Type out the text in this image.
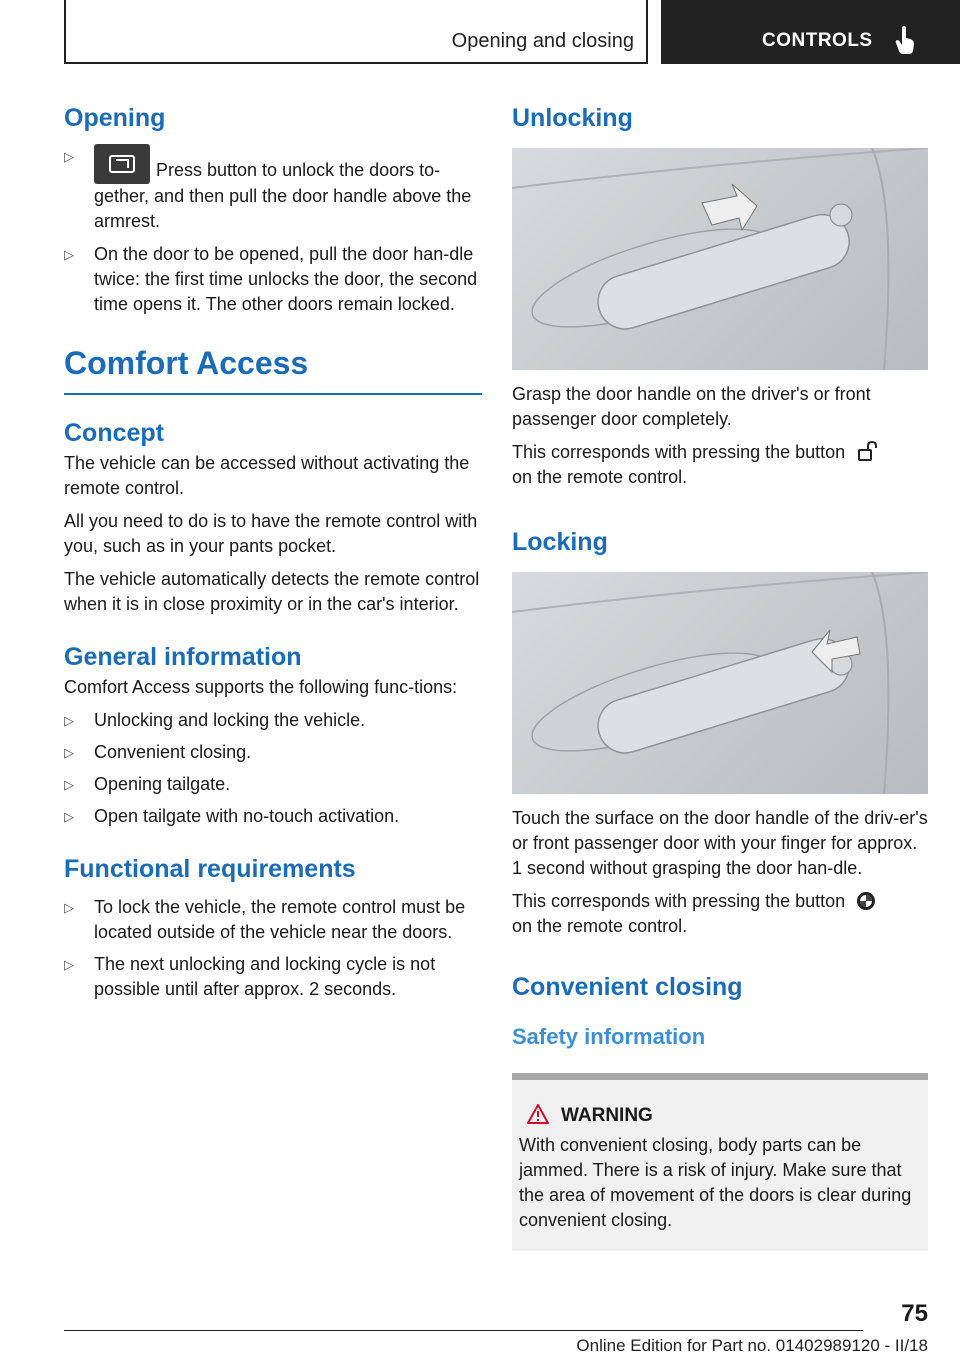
Opening and closing	CONTROLS
Opening
▷
Press button to unlock the doors to-gether, and then pull the door handle above the armrest.
▷ On the door to be opened, pull the door han-dle twice: the first time unlocks the door, the second time opens it. The other doors remain locked.
Comfort Access
Concept

The vehicle can be accessed without activating the remote control.

All you need to do is to have the remote control with you, such as in your pants pocket.

The vehicle automatically detects the remote control when it is in close proximity or in the car's interior.

General information

Comfort Access supports the following func-tions:

▷ Unlocking and locking the vehicle.
▷ Convenient closing.
▷ Opening tailgate.
▷ Open tailgate with no-touch activation.
Functional requirements
▷ To lock the vehicle, the remote control must be located outside of the vehicle near the doors.
▷ The next unlocking and locking cycle is not possible until after approx. 2 seconds.
Unlocking

Grasp the door handle on the driver's or front passenger door completely.

This corresponds with pressing the button
on the remote control.

Locking

Touch the surface on the door handle of the driv-er's or front passenger door with your finger for approx. 1 second without grasping the door han-dle.

This corresponds with pressing the button
on the remote control.

Convenient closing
Safety information
WARNING

With convenient closing, body parts can be jammed. There is a risk of injury. Make sure that the area of movement of the doors is clear during convenient closing.

75
Online Edition for Part no. 01402989120 - II/18
